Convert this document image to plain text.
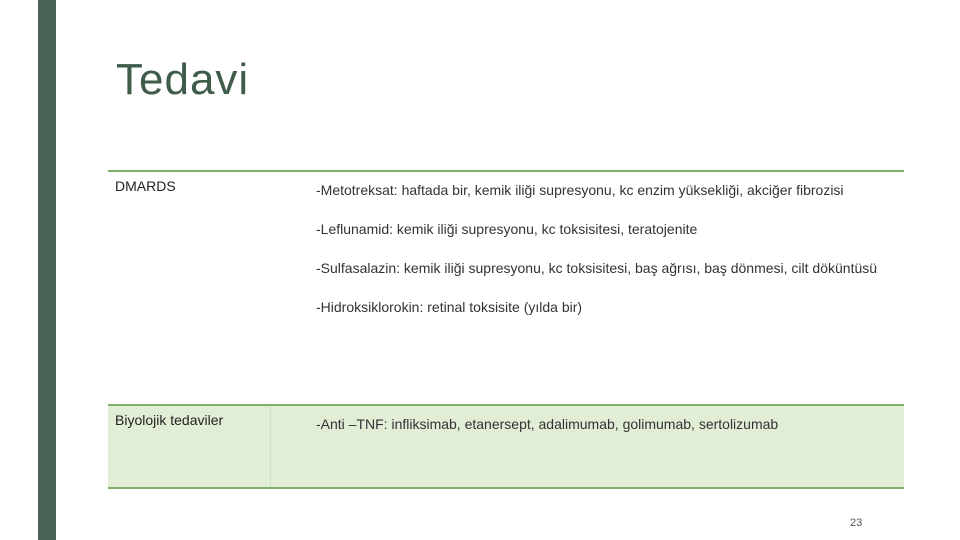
Tedavi
DMARDS	-Metotreksat: haftada bir, kemik iliği supresyonu, kc enzim yüksekliği, akciğer fibrozisi

-Leflunamid: kemik iliği supresyonu, kc toksisitesi, teratojenite

-Sulfasalazin: kemik iliği supresyonu, kc toksisitesi, baş ağrısı, baş dönmesi, cilt döküntüsü

-Hidroksiklorokin: retinal toksisite (yılda bir)

Biyolojik tedaviler	-Anti –TNF: infliksimab, etanersept, adalimumab, golimumab, sertolizumab

23
